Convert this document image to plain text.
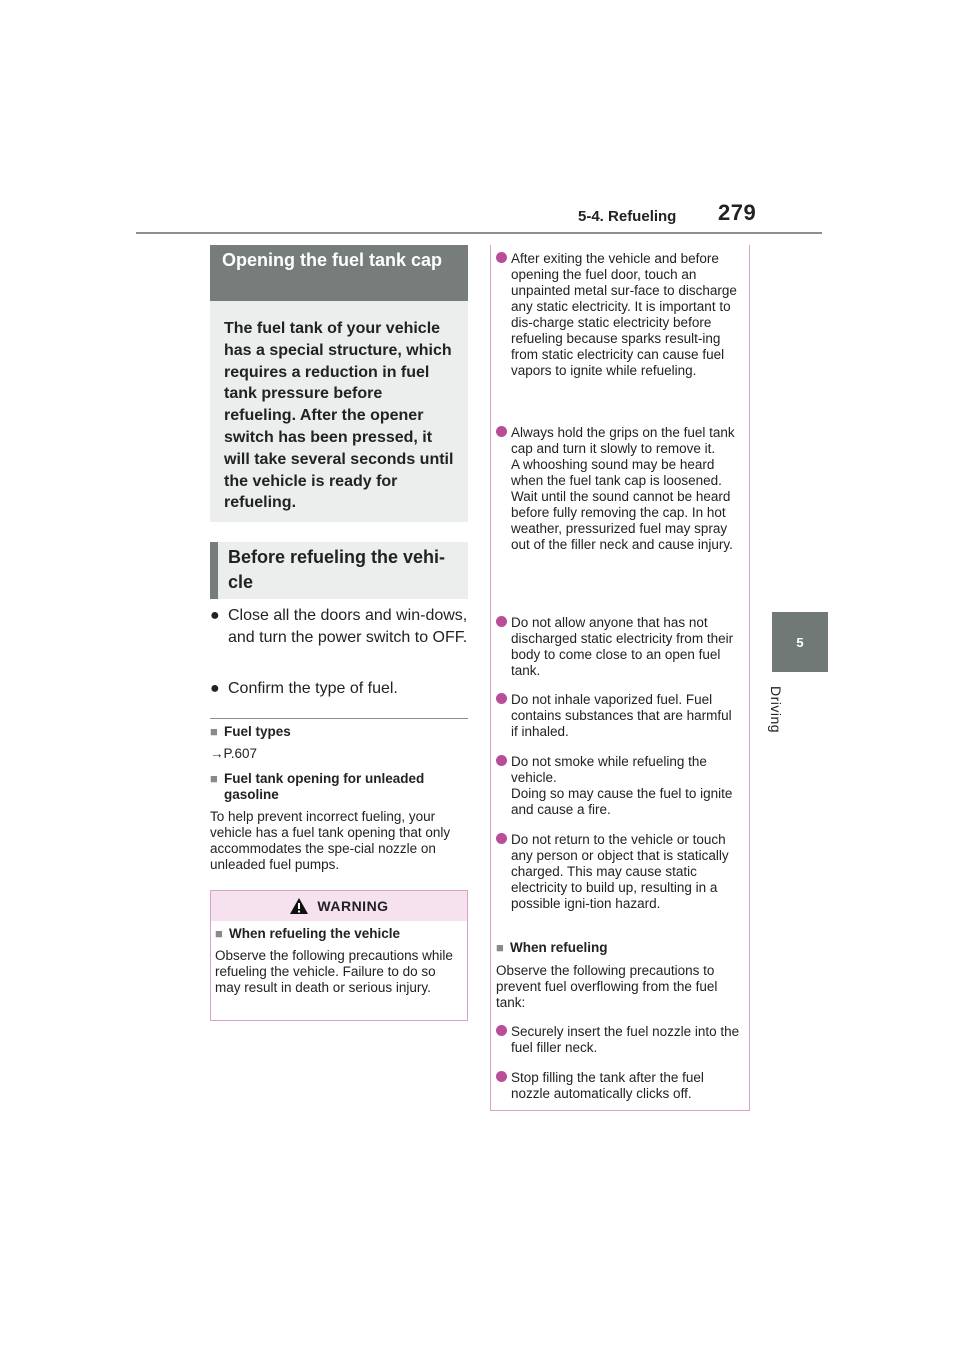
5-4. Refueling 279
5
Driving
Opening the fuel tank cap
The fuel tank of your vehicle has a special structure, which requires a reduction in fuel tank pressure before refueling. After the opener switch has been pressed, it will take several seconds until the vehicle is ready for refueling.
Before refueling the vehi-cle
● Close all the doors and win-dows, and turn the power switch to OFF.
● Confirm the type of fuel.
■ Fuel types
→P.607
■ Fuel tank opening for unleaded gasoline
To help prevent incorrect fueling, your vehicle has a fuel tank opening that only accommodates the spe-cial nozzle on unleaded fuel pumps.
WARNING
■ When refueling the vehicle
Observe the following precautions while refueling the vehicle. Failure to do so may result in death or serious injury.
After exiting the vehicle and before opening the fuel door, touch an unpainted metal sur-face to discharge any static electricity. It is important to dis-charge static electricity before refueling because sparks result-ing from static electricity can cause fuel vapors to ignite while refueling.
Always hold the grips on the fuel tank cap and turn it slowly to remove it.
A whooshing sound may be heard when the fuel tank cap is loosened. Wait until the sound cannot be heard before fully removing the cap. In hot weather, pressurized fuel may spray out of the filler neck and cause injury.
Do not allow anyone that has not discharged static electricity from their body to come close to an open fuel tank.
Do not inhale vaporized fuel. Fuel contains substances that are harmful if inhaled.
Do not smoke while refueling the vehicle.
Doing so may cause the fuel to ignite and cause a fire.
Do not return to the vehicle or touch any person or object that is statically charged. This may cause static electricity to build up, resulting in a possible igni-tion hazard.
■ When refueling
Observe the following precautions to prevent fuel overflowing from the fuel tank:
Securely insert the fuel nozzle into the fuel filler neck.
Stop filling the tank after the fuel nozzle automatically clicks off.
